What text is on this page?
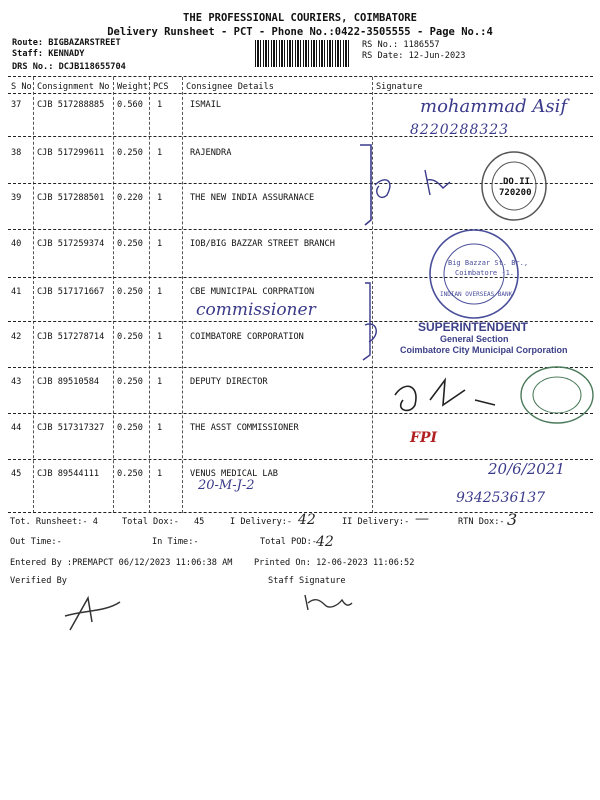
THE PROFESSIONAL COURIERS, COIMBATORE
Delivery Runsheet - PCT - Phone No.:0422-3505555 - Page No.:4
Route: BIGBAZARSTREET
Staff: KENNADY
DRS No.: DCJB118655704
RS No.: 1186557
RS Date: 12-Jun-2023
S No Consignment No Weight PCS Consignee Details	Signature
37 CJB 517288885 0.560 1	ISMAIL
38 CJB 517299611 0.250 1	RAJENDRA
39 CJB 517288501 0.220 1	THE NEW INDIA ASSURANACE
40 CJB 517259374 0.250 1	IOB/BIG BAZZAR STREET BRANCH
41 CJB 517171667 0.250 1	CBE MUNICIPAL CORPRATION
42 CJB 517278714 0.250 1	COIMBATORE CORPORATION
43 CJB 89510584 0.250 1	DEPUTY DIRECTOR
44 CJB 517317327 0.250 1	THE ASST COMMISSIONER
45 CJB 89544111 0.250 1	VENUS MEDICAL LAB
mohammad Asif
8220288323
DO II
720200
Big Bazzar St. Br.,
Coimbatore -1.
INDIAN OVERSEAS BANK
commissioner
SUPERINTENDENT
General Section
Coimbatore City Municipal Corporation
FPI
20/6/2021
9342536137
20-M-J-2
Tot. Runsheet:- 4	Total Dox:- 45	I Delivery:- 42	II Delivery:- —	RTN Dox:- 3
Out Time:-	In Time:-	Total POD:- 42
Entered By :PREMAPCT 06/12/2023 11:06:38 AM	Printed On: 12-06-2023 11:06:52
Verified By	Staff Signature
